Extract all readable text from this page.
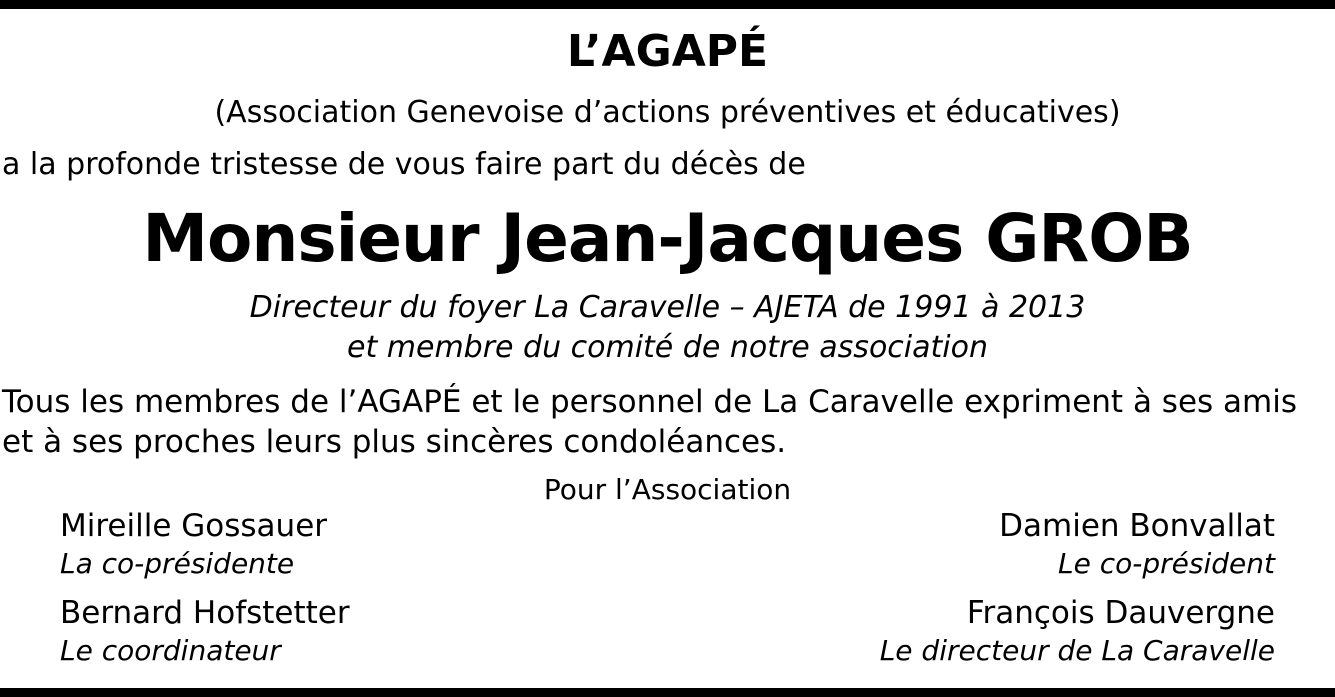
L’AGAPÉ
(Association Genevoise d’actions préventives et éducatives)
a la profonde tristesse de vous faire part du décès de
Monsieur Jean-Jacques GROB
Directeur du foyer La Caravelle – AJETA de 1991 à 2013
et membre du comité de notre association
Tous les membres de l’AGAPÉ et le personnel de La Caravelle expriment à ses amis et à ses proches leurs plus sincères condoléances.
Pour l’Association
Mireille Gossauer
La co-présidente
Bernard Hofstetter
Le coordinateur
Damien Bonvallat
Le co-président
François Dauvergne
Le directeur de La Caravelle
